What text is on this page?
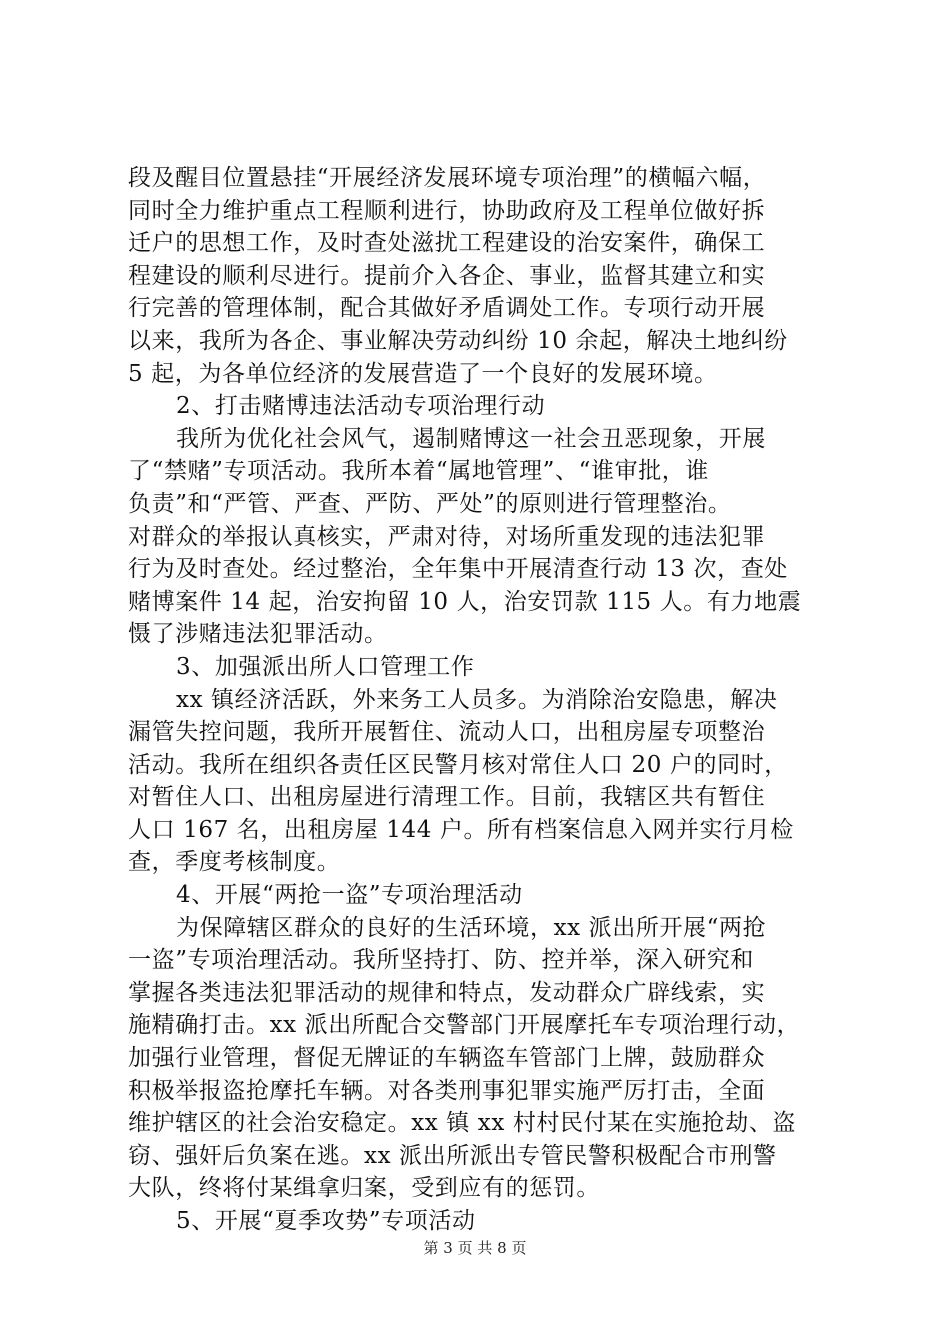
段及醒目位置悬挂“开展经济发展环境专项治理”的横幅六幅，
同时全力维护重点工程顺利进行，协助政府及工程单位做好拆
迁户的思想工作，及时查处滋扰工程建设的治安案件，确保工
程建设的顺利尽进行。提前介入各企、事业，监督其建立和实
行完善的管理体制，配合其做好矛盾调处工作。专项行动开展
以来，我所为各企、事业解决劳动纠纷 10 余起，解决土地纠纷
5 起，为各单位经济的发展营造了一个良好的发展环境。
2、打击赌博违法活动专项治理行动
我所为优化社会风气，遏制赌博这一社会丑恶现象，开展
了“禁赌”专项活动。我所本着“属地管理”、“谁审批，谁
负责”和“严管、严查、严防、严处”的原则进行管理整治。
对群众的举报认真核实，严肃对待，对场所重发现的违法犯罪
行为及时查处。经过整治，全年集中开展清查行动 13 次，查处
赌博案件 14 起，治安拘留 10 人，治安罚款 115 人。有力地震
慑了涉赌违法犯罪活动。
3、加强派出所人口管理工作
xx 镇经济活跃，外来务工人员多。为消除治安隐患，解决
漏管失控问题，我所开展暂住、流动人口，出租房屋专项整治
活动。我所在组织各责任区民警月核对常住人口 20 户的同时，
对暂住人口、出租房屋进行清理工作。目前，我辖区共有暂住
人口 167 名，出租房屋 144 户。所有档案信息入网并实行月检
查，季度考核制度。
4、开展“两抢一盗”专项治理活动
为保障辖区群众的良好的生活环境，xx 派出所开展“两抢
一盗”专项治理活动。我所坚持打、防、控并举，深入研究和
掌握各类违法犯罪活动的规律和特点，发动群众广辟线索，实
施精确打击。xx 派出所配合交警部门开展摩托车专项治理行动，
加强行业管理，督促无牌证的车辆盗车管部门上牌，鼓励群众
积极举报盗抢摩托车辆。对各类刑事犯罪实施严厉打击，全面
维护辖区的社会治安稳定。xx 镇 xx 村村民付某在实施抢劫、盗
窃、强奸后负案在逃。xx 派出所派出专管民警积极配合市刑警
大队，终将付某缉拿归案，受到应有的惩罚。
5、开展“夏季攻势”专项活动
第 3 页 共 8 页
